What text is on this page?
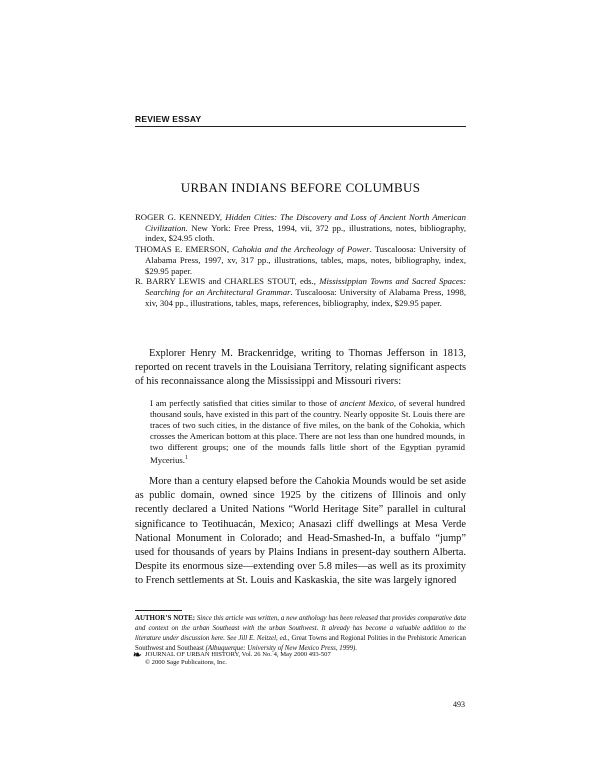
REVIEW ESSAY
URBAN INDIANS BEFORE COLUMBUS

ROGER G. KENNEDY, Hidden Cities: The Discovery and Loss of Ancient North American Civilization. New York: Free Press, 1994, vii, 372 pp., illustrations, notes, bibliography, index, $24.95 cloth.

THOMAS E. EMERSON, Cahokia and the Archeology of Power. Tuscaloosa: University of Alabama Press, 1997, xv, 317 pp., illustrations, tables, maps, notes, bibliography, index, $29.95 paper.

R. BARRY LEWIS and CHARLES STOUT, eds., Mississippian Towns and Sacred Spaces: Searching for an Architectural Grammar. Tuscaloosa: University of Alabama Press, 1998, xiv, 304 pp., illustrations, tables, maps, references, bibliography, index, $29.95 paper.

Explorer Henry M. Brackenridge, writing to Thomas Jefferson in 1813, reported on recent travels in the Louisiana Territory, relating significant aspects of his reconnaissance along the Mississippi and Missouri rivers:

I am perfectly satisfied that cities similar to those of ancient Mexico, of several hundred thousand souls, have existed in this part of the country. Nearly opposite St. Louis there are traces of two such cities, in the distance of five miles, on the bank of the Cohokia, which crosses the American bottom at this place. There are not less than one hundred mounds, in two different groups; one of the mounds falls little short of the Egyptian pyramid Mycerius.$^1$

More than a century elapsed before the Cahokia Mounds would be set aside as public domain, owned since 1925 by the citizens of Illinois and only recently declared a United Nations “World Heritage Site” parallel in cultural significance to Teotihuacán, Mexico; Anasazi cliff dwellings at Mesa Verde National Monument in Colorado; and Head-Smashed-In, a buffalo “jump” used for thousands of years by Plains Indians in present-day southern Alberta. Despite its enormous size—extending over 5.8 miles—as well as its proximity to French settlements at St. Louis and Kaskaskia, the site was largely ignored

AUTHOR’S NOTE: Since this article was written, a new anthology has been released that provides comparative data and context on the urban Southeast with the urban Southwest. It already has become a valuable addition to the literature under discussion here. See Jill E. Neitzel, ed., Great Towns and Regional Polities in the Prehistoric American Southwest and Southeast (Albuquerque: University of New Mexico Press, 1999).

❧ JOURNAL OF URBAN HISTORY, Vol. 26 No. 4, May 2000 493-507
© 2000 Sage Publications, Inc.
493
